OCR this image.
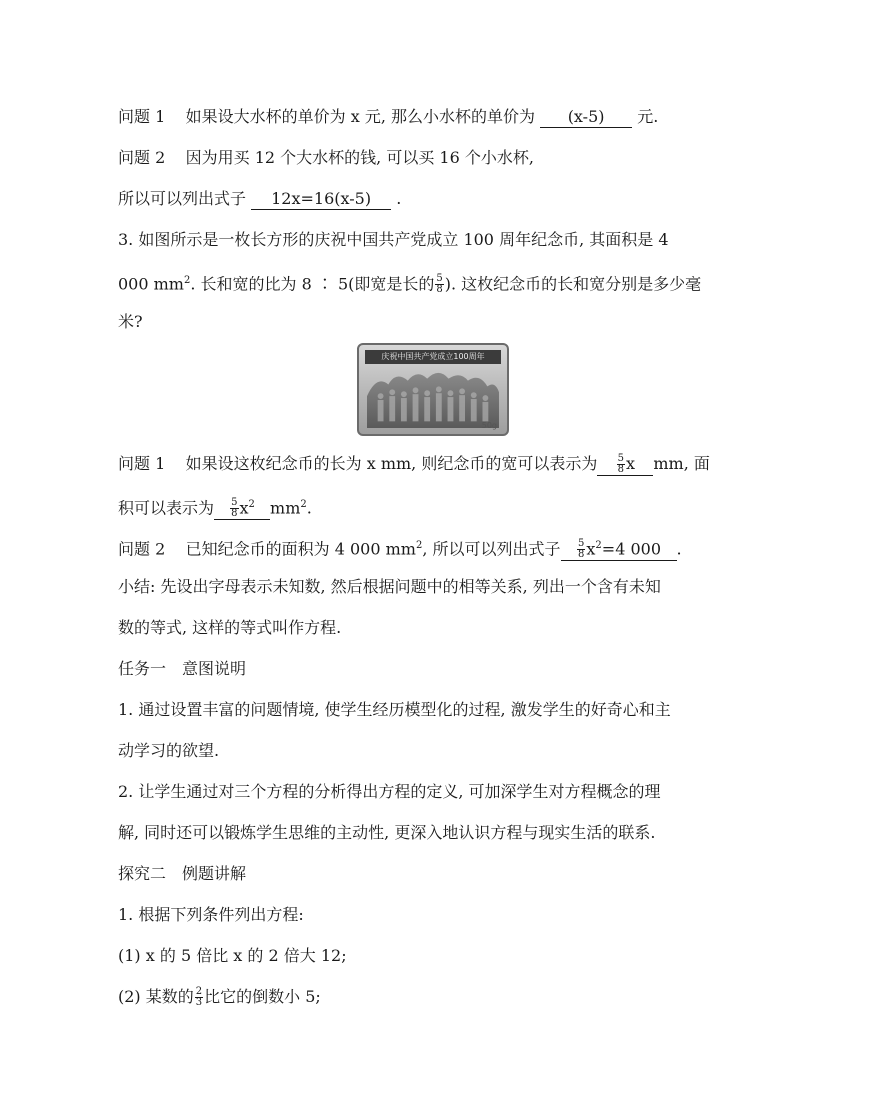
问题 1 如果设大水杯的单价为 x 元, 那么小水杯的单价为 (x-5) 元.
问题 2 因为用买 12 个大水杯的钱, 可以买 16 个小水杯,
所以可以列出式子 12x=16(x-5) .
3. 如图所示是一枚长方形的庆祝中国共产党成立 100 周年纪念币, 其面积是 4
000 $mm^2$. 长和宽的比为 8 ∶ 5(即宽是长的 $\frac{5}{8}$ ). 这枚纪念币的长和宽分别是多少毫
米?
庆祝中国共产党成立100周年
50g
问题 1 如果设这枚纪念币的长为 x mm, 则纪念币的宽可以表示为 $\frac{5}{8}$ x mm, 面
积可以表示为 $\frac{5}{8} x^2$ $mm^2$.
问题 2 已知纪念币的面积为 4 000 $mm^2$, 所以可以列出式子 $\frac{5}{8} x^2=4$ 000 .
小结: 先设出字母表示未知数, 然后根据问题中的相等关系, 列出一个含有未知
数的等式, 这样的等式叫作方程.
任务一　意图说明
1. 通过设置丰富的问题情境, 使学生经历模型化的过程, 激发学生的好奇心和主
动学习的欲望.
2. 让学生通过对三个方程的分析得出方程的定义, 可加深学生对方程概念的理
解, 同时还可以锻炼学生思维的主动性, 更深入地认识方程与现实生活的联系.
探究二　例题讲解
1. 根据下列条件列出方程:
(1) x 的 5 倍比 x 的 2 倍大 12;
(2) 某数的 $\frac{2}{3}$ 比它的倒数小 5;
